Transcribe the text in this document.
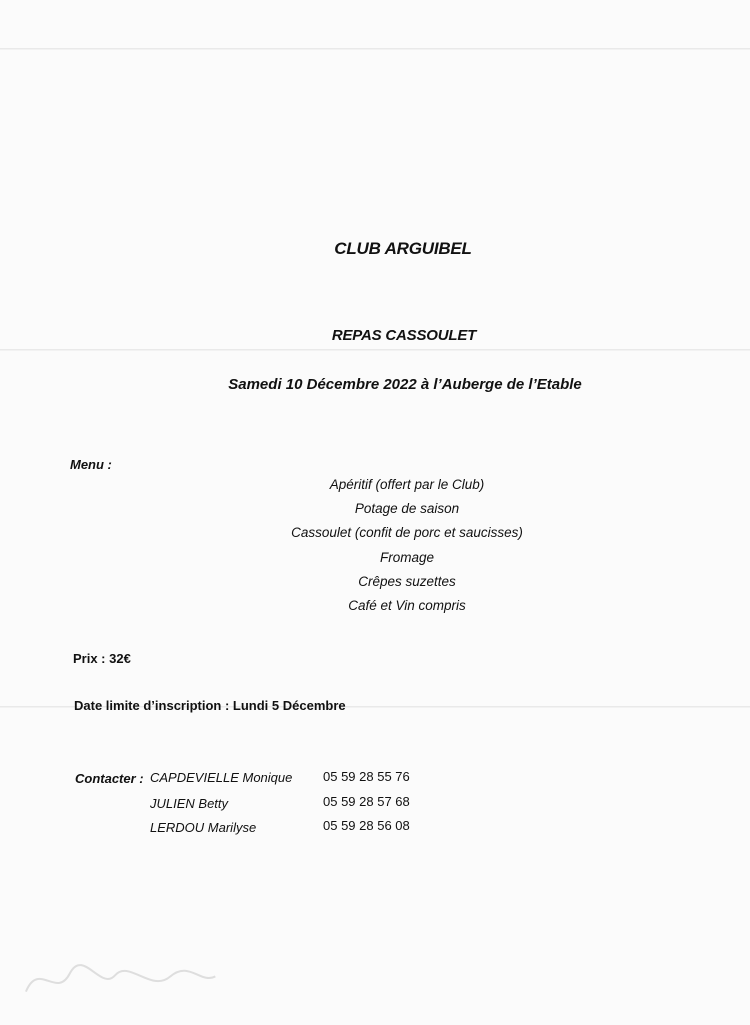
CLUB ARGUIBEL
REPAS CASSOULET
Samedi 10 Décembre 2022 à l’Auberge de l’Etable
Menu :
Apéritif (offert par le Club)
Potage de saison
Cassoulet (confit de porc et saucisses)
Fromage
Crêpes suzettes
Café et Vin compris
Prix : 32€
Date limite d’inscription : Lundi 5 Décembre
Contacter : CAPDEVIELLE Monique 05 59 28 55 76
JULIEN Betty	05 59 28 57 68
LERDOU Marilyse	05 59 28 56 08
